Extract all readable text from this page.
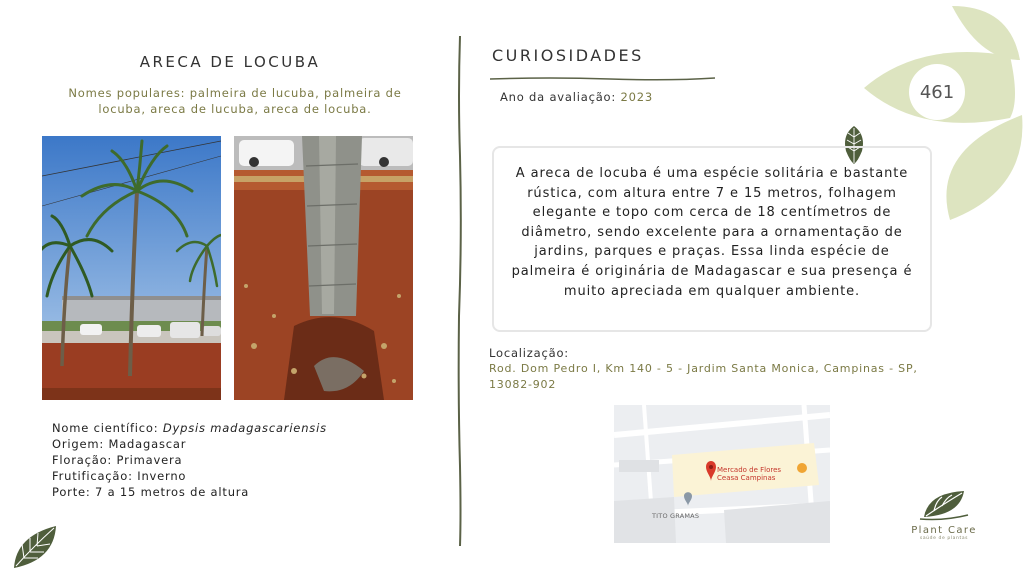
ARECA DE LOCUBA
Nomes populares: palmeira de lucuba, palmeira de locuba, areca de lucuba, areca de locuba.
Nome científico: Dypsis madagascariensis
Origem: Madagascar
Floração: Primavera
Frutificação: Inverno
Porte: 7 a 15 metros de altura
CURIOSIDADES
Ano da avaliação: 2023	461

A areca de locuba é uma espécie solitária e bastante rústica, com altura entre 7 e 15 metros, folhagem elegante e topo com cerca de 18 centímetros de diâmetro, sendo excelente para a ornamentação de jardins, parques e praças. Essa linda espécie de palmeira é originária de Madagascar e sua presença é muito apreciada em qualquer ambiente.

Localização:
Rod. Dom Pedro I, Km 140 - 5 - Jardim Santa Monica, Campinas - SP, 13082-902
Mercado de Flores
Ceasa Campinas
TITO GRAMAS
Plant Care
saúde de plantas
